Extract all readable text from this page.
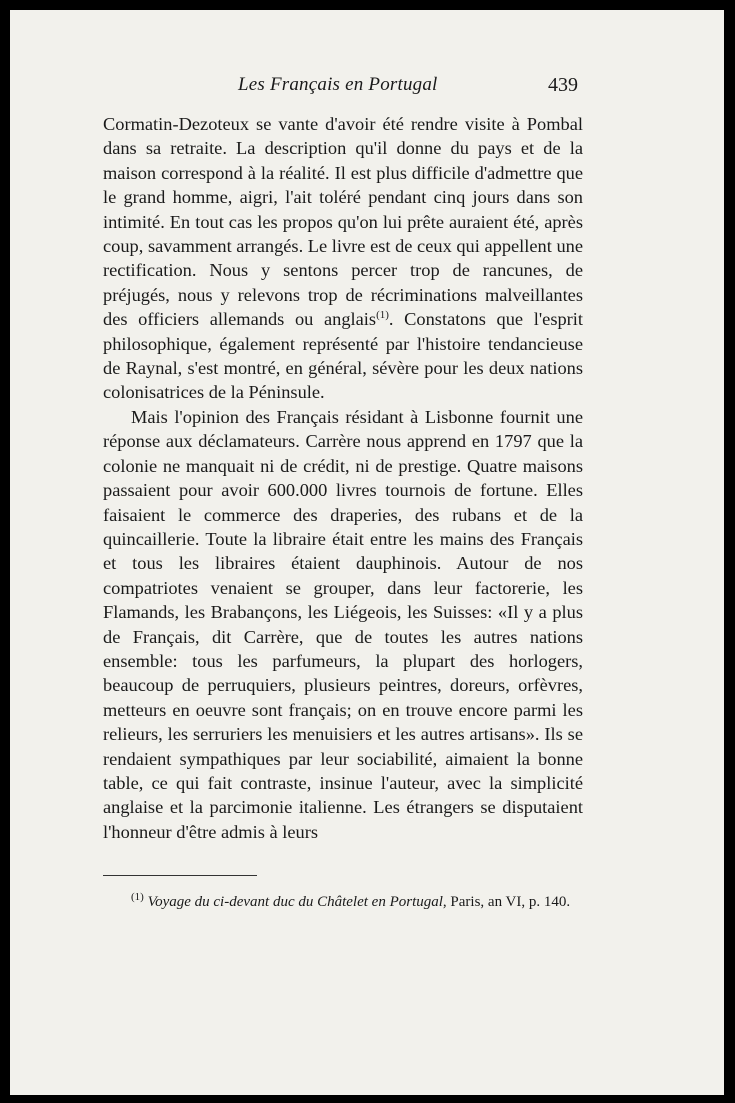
Les Français en Portugal	439

Cormatin-Dezoteux se vante d'avoir été rendre visite à Pombal dans sa retraite. La description qu'il donne du pays et de la maison correspond à la réalité. Il est plus difficile d'admettre que le grand homme, aigri, l'ait toléré pendant cinq jours dans son intimité. En tout cas les propos qu'on lui prête auraient été, après coup, savamment arrangés. Le livre est de ceux qui appellent une rectification. Nous y sentons percer trop de rancunes, de préjugés, nous y relevons trop de récriminations malveillantes des officiers allemands ou anglais$^{(1)}$. Constatons que l'esprit philosophique, également représenté par l'histoire tendancieuse de Raynal, s'est montré, en général, sévère pour les deux nations colonisatrices de la Péninsule.

Mais l'opinion des Français résidant à Lisbonne fournit une réponse aux déclamateurs. Carrère nous apprend en 1797 que la colonie ne manquait ni de crédit, ni de prestige. Quatre maisons passaient pour avoir 600.000 livres tournois de fortune. Elles faisaient le commerce des draperies, des rubans et de la quincaillerie. Toute la libraire était entre les mains des Français et tous les libraires étaient dauphinois. Autour de nos compatriotes venaient se grouper, dans leur factorerie, les Flamands, les Brabançons, les Liégeois, les Suisses: «Il y a plus de Français, dit Carrère, que de toutes les autres nations ensemble: tous les parfumeurs, la plupart des horlogers, beaucoup de perruquiers, plusieurs peintres, doreurs, orfèvres, metteurs en oeuvre sont français; on en trouve encore parmi les relieurs, les serruriers les menuisiers et les autres artisans». Ils se rendaient sympathiques par leur sociabilité, aimaient la bonne table, ce qui fait contraste, insinue l'auteur, avec la simplicité anglaise et la parcimonie italienne. Les étrangers se disputaient l'honneur d'être admis à leurs

$^{(1)}$ Voyage du ci-devant duc du Châtelet en Portugal, Paris, an VI, p. 140.
